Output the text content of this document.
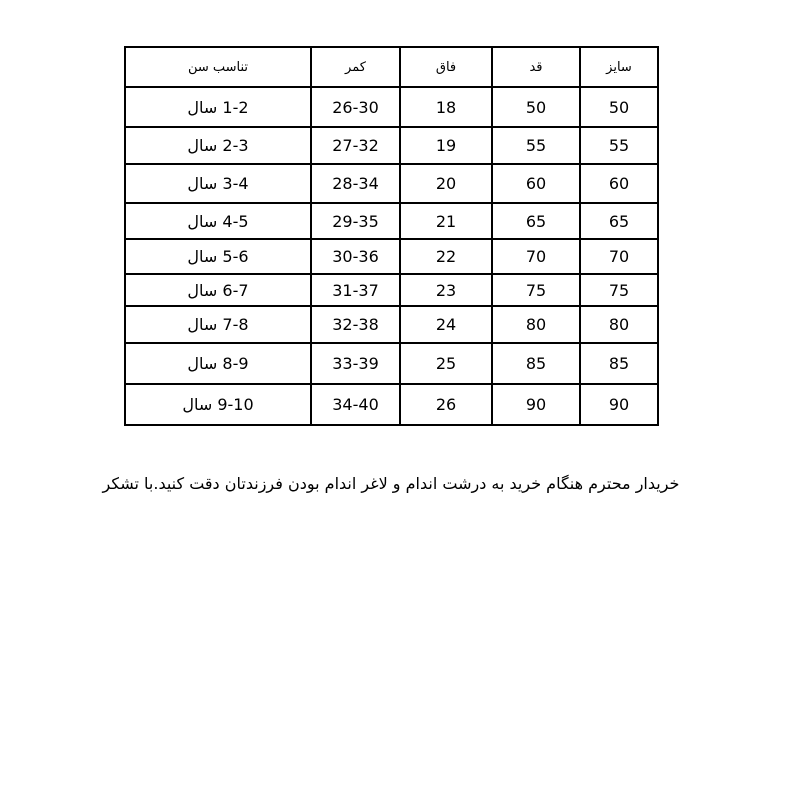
تناسب سن	کمر	فاق	قد	سایز
1-2 سال	26-30	18	50	50
2-3 سال	27-32	19	55	55
3-4 سال	28-34	20	60	60
4-5 سال	29-35	21	65	65
5-6 سال	30-36	22	70	70
6-7 سال	31-37	23	75	75
7-8 سال	32-38	24	80	80
8-9 سال	33-39	25	85	85
9-10 سال	34-40	26	90	90
خریدار محترم هنگام خرید به درشت اندام و لاغر اندام بودن فرزندتان دقت کنید.با تشکر
